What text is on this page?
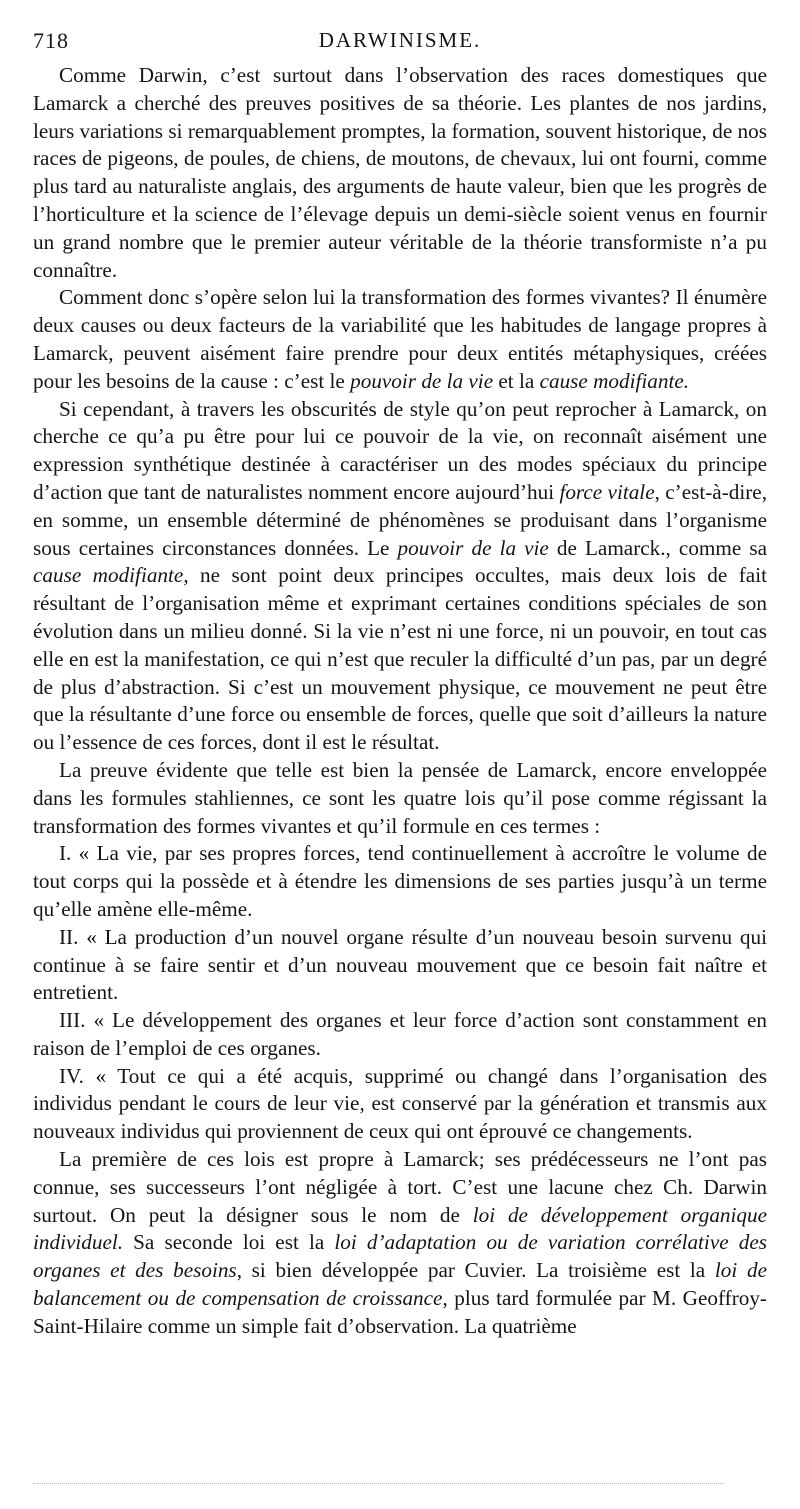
718	DARWINISME.

Comme Darwin, c’est surtout dans l’observation des races domestiques que Lamarck a cherché des preuves positives de sa théorie. Les plantes de nos jardins, leurs variations si remarquablement promptes, la formation, souvent historique, de nos races de pigeons, de poules, de chiens, de moutons, de chevaux, lui ont fourni, comme plus tard au naturaliste anglais, des arguments de haute valeur, bien que les progrès de l’horticulture et la science de l’élevage depuis un demi-siècle soient venus en fournir un grand nombre que le premier auteur véritable de la théorie transformiste n’a pu connaître.

Comment donc s’opère selon lui la transformation des formes vivantes? Il énumère deux causes ou deux facteurs de la variabilité que les habitudes de langage propres à Lamarck, peuvent aisément faire prendre pour deux entités métaphysiques, créées pour les besoins de la cause : c’est le pouvoir de la vie et la cause modifiante.

Si cependant, à travers les obscurités de style qu’on peut reprocher à Lamarck, on cherche ce qu’a pu être pour lui ce pouvoir de la vie, on reconnaît aisément une expression synthétique destinée à caractériser un des modes spéciaux du principe d’action que tant de naturalistes nomment encore aujourd’hui force vitale, c’est-à-dire, en somme, un ensemble déterminé de phénomènes se produisant dans l’organisme sous certaines circonstances données. Le pouvoir de la vie de Lamarck., comme sa cause modifiante, ne sont point deux principes occultes, mais deux lois de fait résultant de l’organisation même et exprimant certaines conditions spéciales de son évolution dans un milieu donné. Si la vie n’est ni une force, ni un pouvoir, en tout cas elle en est la manifestation, ce qui n’est que reculer la difficulté d’un pas, par un degré de plus d’abstraction. Si c’est un mouvement physique, ce mouvement ne peut être que la résultante d’une force ou ensemble de forces, quelle que soit d’ailleurs la nature ou l’essence de ces forces, dont il est le résultat.

La preuve évidente que telle est bien la pensée de Lamarck, encore enveloppée dans les formules stahliennes, ce sont les quatre lois qu’il pose comme régissant la transformation des formes vivantes et qu’il formule en ces termes :

I. « La vie, par ses propres forces, tend continuellement à accroître le volume de tout corps qui la possède et à étendre les dimensions de ses parties jusqu’à un terme qu’elle amène elle-même.

II. « La production d’un nouvel organe résulte d’un nouveau besoin survenu qui continue à se faire sentir et d’un nouveau mouvement que ce besoin fait naître et entretient.

III. « Le développement des organes et leur force d’action sont constamment en raison de l’emploi de ces organes.

IV. « Tout ce qui a été acquis, supprimé ou changé dans l’organisation des individus pendant le cours de leur vie, est conservé par la génération et transmis aux nouveaux individus qui proviennent de ceux qui ont éprouvé ce changements.

La première de ces lois est propre à Lamarck; ses prédécesseurs ne l’ont pas connue, ses successeurs l’ont négligée à tort. C’est une lacune chez Ch. Darwin surtout. On peut la désigner sous le nom de loi de développement organique individuel. Sa seconde loi est la loi d’adaptation ou de variation corrélative des organes et des besoins, si bien développée par Cuvier. La troisième est la loi de balancement ou de compensation de croissance, plus tard formulée par M. Geoffroy-Saint-Hilaire comme un simple fait d’observation. La quatrième
